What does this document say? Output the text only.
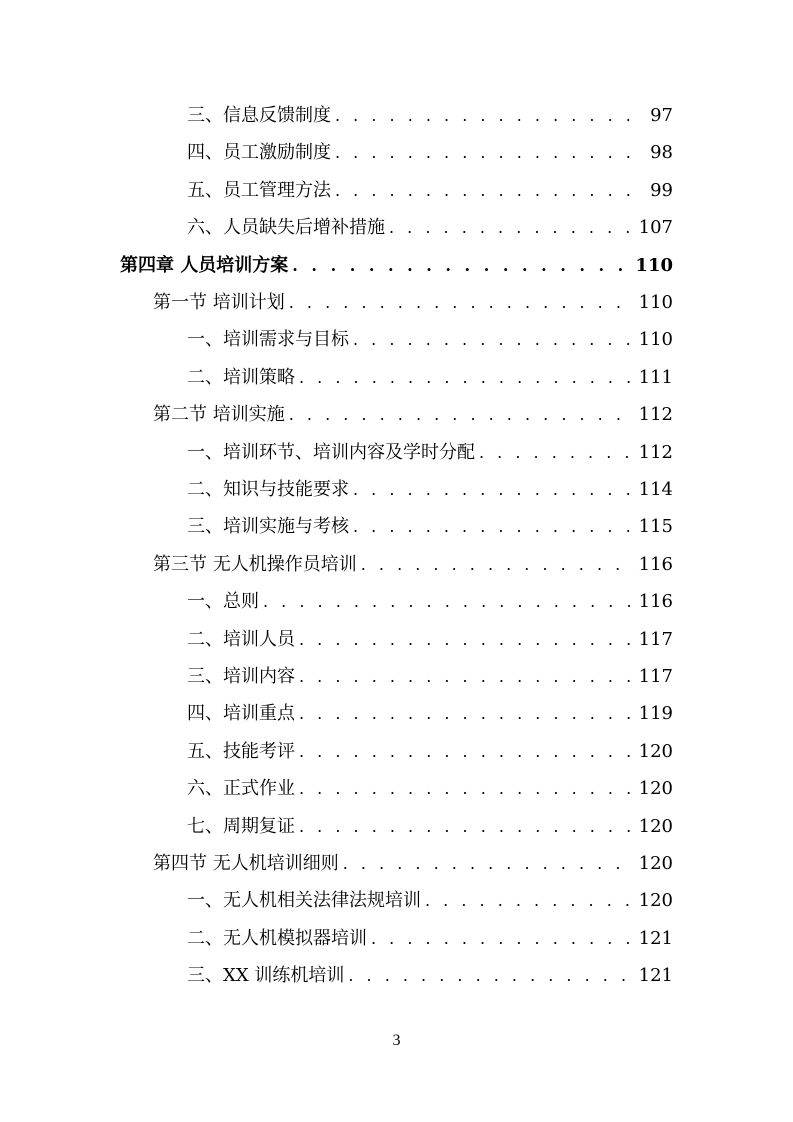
三、信息反馈制度 . . .	97
四、员工激励制度 . . .	98
五、员工管理方法 . . .	99
六、人员缺失后增补措施 . . .	107
第四章 人员培训方案 . . .	110
第一节 培训计划 . . .	110
一、培训需求与目标 . . .	110
二、培训策略 . . .	111
第二节 培训实施 . . .	112
一、培训环节、培训内容及学时分配 . . .	112
二、知识与技能要求 . . .	114
三、培训实施与考核 . . .	115
第三节 无人机操作员培训 . . .	116
一、总则 . . .	116
二、培训人员 . . .	117
三、培训内容 . . .	117
四、培训重点 . . .	119
五、技能考评 . . .	120
六、正式作业 . . .	120
七、周期复证 . . .	120
第四节 无人机培训细则 . . .	120
一、无人机相关法律法规培训 . . .	120
二、无人机模拟器培训 . . .	121
三、XX 训练机培训 . . .	121
3
